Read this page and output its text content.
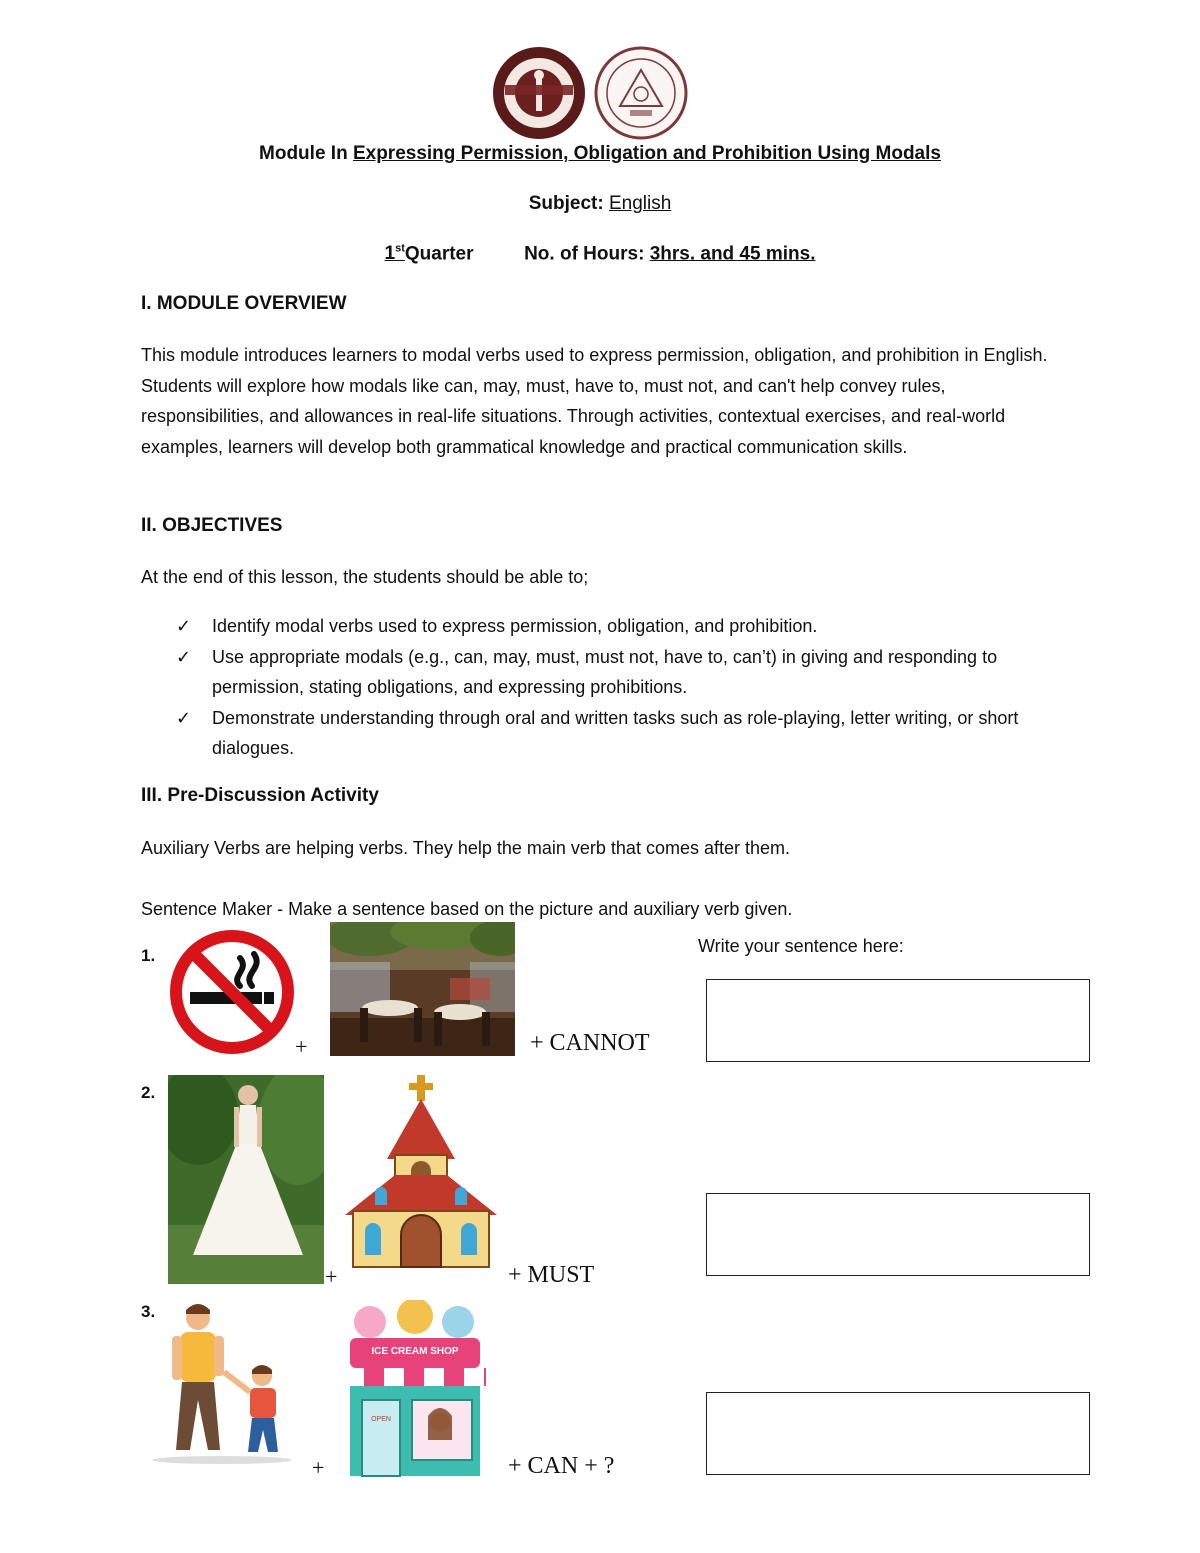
Module In Expressing Permission, Obligation and Prohibition Using Modals
Subject: English
1stQuarter	No. of Hours: 3hrs. and 45 mins.
I. MODULE OVERVIEW
This module introduces learners to modal verbs used to express permission, obligation, and prohibition in English. Students will explore how modals like can, may, must, have to, must not, and can't help convey rules, responsibilities, and allowances in real-life situations. Through activities, contextual exercises, and real-world examples, learners will develop both grammatical knowledge and practical communication skills.
II. OBJECTIVES
At the end of this lesson, the students should be able to;
✓ Identify modal verbs used to express permission, obligation, and prohibition.
✓ Use appropriate modals (e.g., can, may, must, must not, have to, can’t) in giving and responding to permission, stating obligations, and expressing prohibitions.
✓ Demonstrate understanding through oral and written tasks such as role-playing, letter writing, or short dialogues.
III. Pre-Discussion Activity
Auxiliary Verbs are helping verbs. They help the main verb that comes after them.
Sentence Maker - Make a sentence based on the picture and auxiliary verb given.
Write your sentence here:
1.
+	+ CANNOT
2.
+	+ MUST
3.
+
ICE CREAM SHOP
OPEN
+ CAN + ?
